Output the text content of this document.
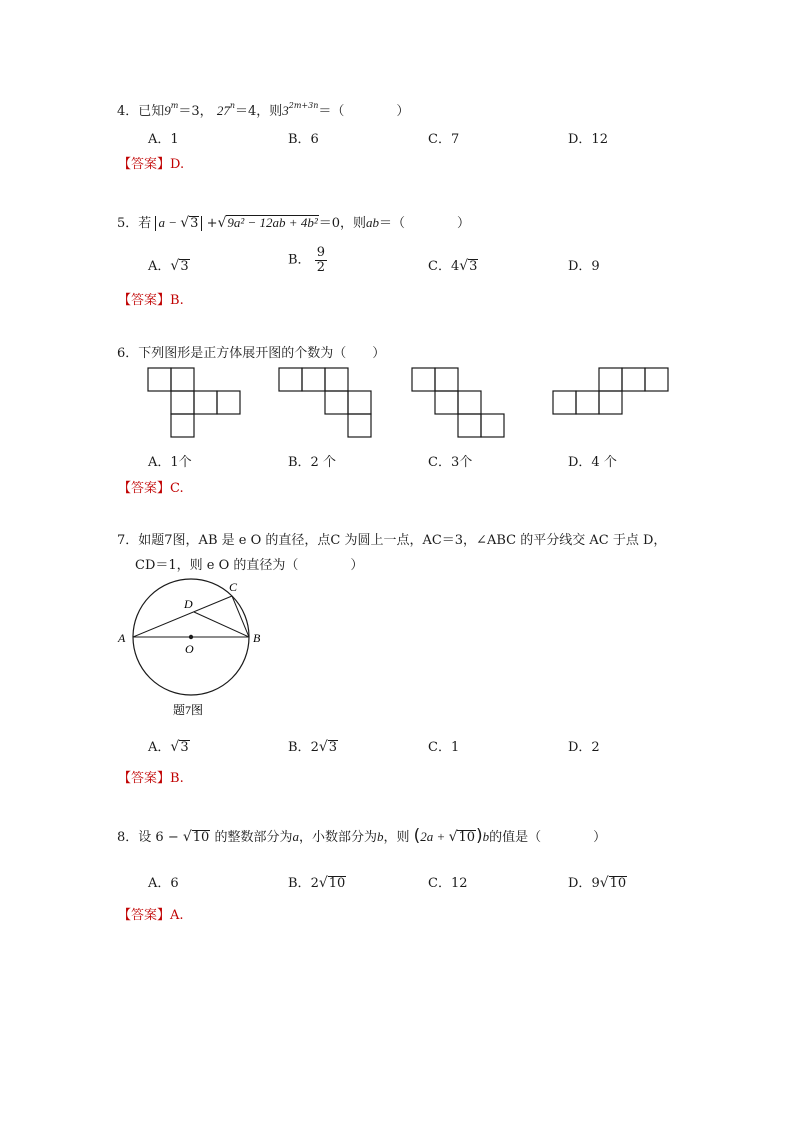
4．已知$9^m=3$， $27^n=4$，则$3^{2m+3n}=$（　　　　）
A．1	B．6	C．7	D．12
【答案】D.
5．若 a − √3 +√9a² − 12ab + 4b²＝0，则ab＝（　　　　）
A．√3	B． $\frac{9}{2}$	C．4√3	D．9
【答案】B.
6．下列图形是正方体展开图的个数为（　　）
A．1个	B．2 个	C．3个	D．4 个
【答案】C.
7．如题7图，AB 是 e O 的直径，点C 为圆上一点，AC＝3，∠ABC 的平分线交 AC 于点 D，
CD＝1，则 e O 的直径为（　　　　）
A	B
C
D
O
题7图
A．√3	B．2√3	C．1	D．2
【答案】B.
8．设 6 − √10 的整数部分为a，小数部分为b，则 (2a + √10)b的值是（　　　　）
A．6	B．2√10	C．12	D．9√10
【答案】A.
